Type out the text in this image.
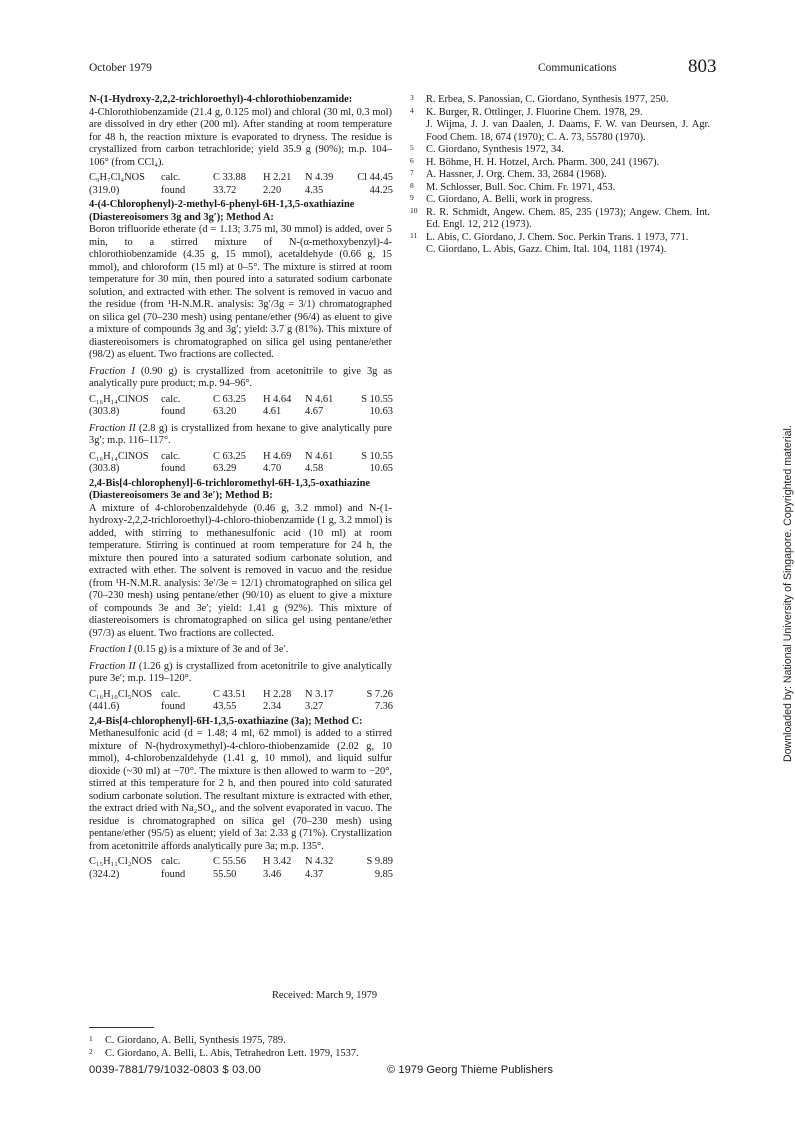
October 1979	Communications	803

N-(1-Hydroxy-2,2,2-trichloroethyl)-4-chlorothiobenzamide:

4-Chlorothiobenzamide (21.4 g, 0.125 mol) and chloral (30 ml, 0.3 mol) are dissolved in dry ether (200 ml). After standing at room temperature for 48 h, the reaction mixture is evaporated to dryness. The residue is crystallized from carbon tetrachloride; yield 35.9 g (90%); m.p. 104–106° (from CCl₄).

C₉H₇Cl₄NOS	calc.	C 33.88	H 2.21	N 4.39	Cl 44.45
(319.0)	found	33.72	2.20	4.35	44.25

4-(4-Chlorophenyl)-2-methyl-6-phenyl-6H-1,3,5-oxathiazine (Diastereoisomers 3g and 3g′); Method A:

Boron trifluoride etherate (d = 1.13; 3.75 ml, 30 mmol) is added, over 5 min, to a stirred mixture of N-(α-methoxybenzyl)-4-chlorothiobenzamide (4.35 g, 15 mmol), acetaldehyde (0.66 g, 15 mmol), and chloroform (15 ml) at 0–5°. The mixture is stirred at room temperature for 30 min, then poured into a saturated sodium carbonate solution, and extracted with ether. The solvent is removed in vacuo and the residue (from ¹H-N.M.R. analysis: 3g′/3g = 3/1) chromatographed on silica gel (70–230 mesh) using pentane/ether (96/4) as eluent to give a mixture of compounds 3g and 3g′; yield: 3.7 g (81%). This mixture of diastereoisomers is chromatographed on silica gel using pentane/ether (98/2) as eluent. Two fractions are collected.

Fraction I (0.90 g) is crystallized from acetonitrile to give 3g as analytically pure product; m.p. 94–96°.

C₁₆H₁₄ClNOS	calc.	C 63.25	H 4.64	N 4.61	S 10.55
(303.8)	found	63.20	4.61	4.67	10.63

Fraction II (2.8 g) is crystallized from hexane to give analytically pure 3g′; m.p. 116–117°.

C₁₆H₁₄ClNOS	calc.	C 63.25	H 4.69	N 4.61	S 10.55
(303.8)	found	63.29	4.70	4.58	10.65

2,4-Bis[4-chlorophenyl]-6-trichloromethyl-6H-1,3,5-oxathiazine (Diastereoisomers 3e and 3e′); Method B:

A mixture of 4-chlorobenzaldehyde (0.46 g, 3.2 mmol) and N-(1-hydroxy-2,2,2-trichloroethyl)-4-chloro-thiobenzamide (1 g, 3.2 mmol) is added, with stirring to methanesulfonic acid (10 ml) at room temperature. Stirring is continued at room temperature for 24 h, the mixture then poured into a saturated sodium carbonate solution, and extracted with ether. The solvent is removed in vacuo and the residue (from ¹H-N.M.R. analysis: 3e′/3e = 12/1) chromatographed on silica gel (70–230 mesh) using pentane/ether (90/10) as eluent to give a mixture of compounds 3e and 3e′; yield: 1.41 g (92%). This mixture of diastereoisomers is chromatographed on silica gel using pentane/ether (97/3) as eluent. Two fractions are collected.

Fraction I (0.15 g) is a mixture of 3e and of 3e′.

Fraction II (1.26 g) is crystallized from acetonitrile to give analytically pure 3e′; m.p. 119–120°.

C₁₆H₁₀Cl₅NOS calc.	C 43.51	H 2.28	N 3.17	S 7.26
(441.6)	found	43.55	2.34	3.27	7.36

2,4-Bis[4-chlorophenyl]-6H-1,3,5-oxathiazine (3a); Method C:

Methanesulfonic acid (d = 1.48; 4 ml, 62 mmol) is added to a stirred mixture of N-(hydroxymethyl)-4-chloro-thiobenzamide (2.02 g, 10 mmol), 4-chlorobenzaldehyde (1.41 g, 10 mmol), and liquid sulfur dioxide (~30 ml) at −70°. The mixture is then allowed to warm to −20°, stirred at this temperature for 2 h, and then poured into cold saturated sodium carbonate solution. The resultant mixture is extracted with ether, the extract dried with Na₂SO₄, and the solvent evaporated in vacuo. The residue is chromatographed on silica gel (70–230 mesh) using pentane/ether (95/5) as eluent; yield of 3a: 2.33 g (71%). Crystallization from acetonitrile affords analytically pure 3a; m.p. 135°.

C₁₅H₁₁Cl₂NOS calc.	C 55.56	H 3.42	N 4.32	S 9.89
(324.2)	found	55.50	3.46	4.37	9.85
3 R. Erbea, S. Panossian, C. Giordano, Synthesis 1977, 250.
4 K. Burger, R. Ottlinger, J. Fluorine Chem. 1978, 29.
J. Wijma, J. J. van Daalen, J. Daams, F. W. van Deursen, J. Agr. Food Chem. 18, 674 (1970); C. A. 73, 55780 (1970).
5 C. Giordano, Synthesis 1972, 34.
6 H. Böhme, H. H. Hotzel, Arch. Pharm. 300, 241 (1967).
7 A. Hassner, J. Org. Chem. 33, 2684 (1968).
8 M. Schlosser, Bull. Soc. Chim. Fr. 1971, 453.
9 C. Giordano, A. Belli, work in progress.
10 R. R. Schmidt, Angew. Chem. 85, 235 (1973); Angew. Chem. Int. Ed. Engl. 12, 212 (1973).
11 L. Abis, C. Giordano, J. Chem. Soc. Perkin Trans. 1 1973, 771.
C. Giordano, L. Abis, Gazz. Chim. Ital. 104, 1181 (1974).
Received: March 9, 1979
1 C. Giordano, A. Belli, Synthesis 1975, 789.
2 C. Giordano, A. Belli, L. Abis, Tetrahedron Lett. 1979, 1537.
0039-7881/79/1032-0803 $ 03.00	© 1979 Georg Thieme Publishers
Downloaded by: National University of Singapore. Copyrighted material.
